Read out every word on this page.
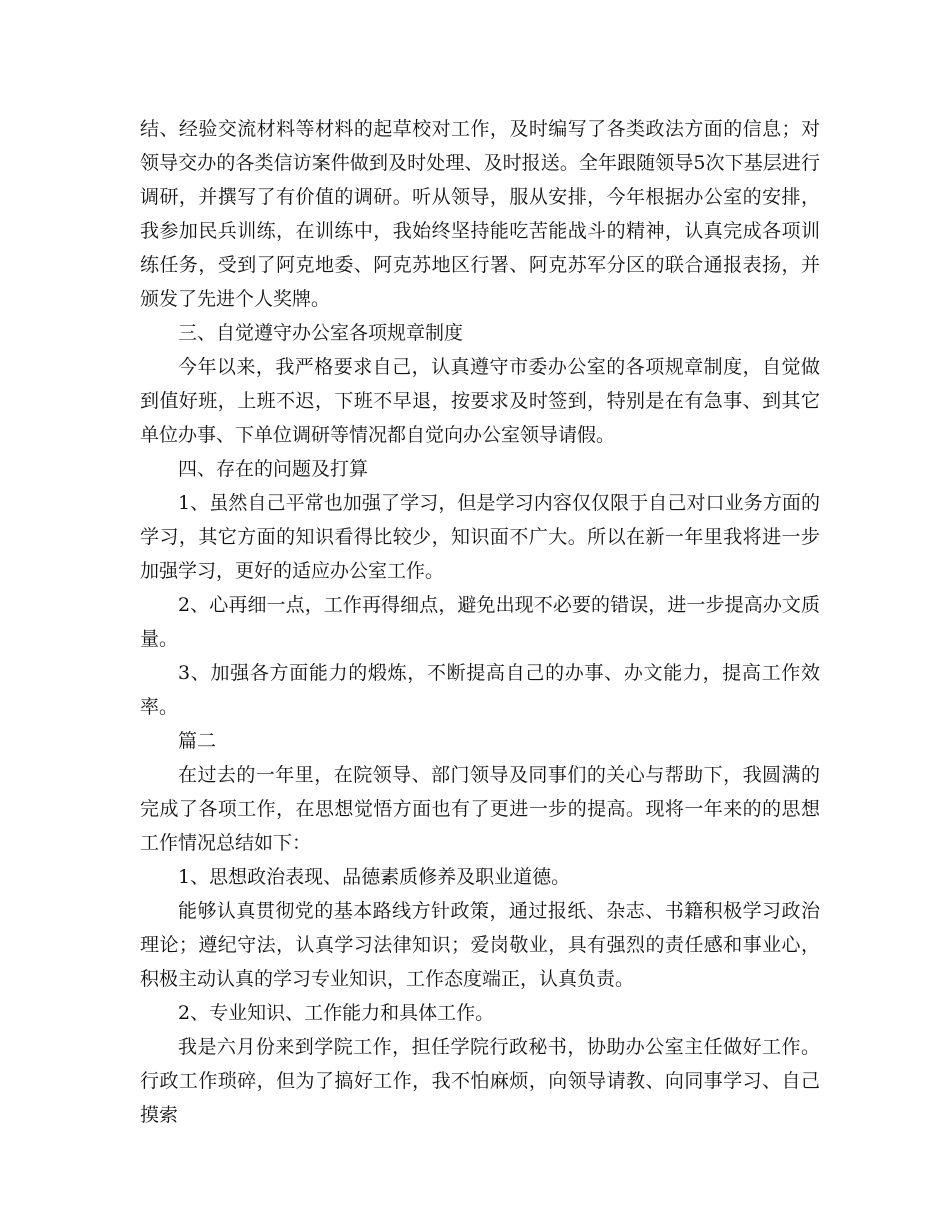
结、经验交流材料等材料的起草校对工作，及时编写了各类政法方面的信息；对领导交办的各类信访案件做到及时处理、及时报送。全年跟随领导5次下基层进行调研，并撰写了有价值的调研。听从领导，服从安排，今年根据办公室的安排，我参加民兵训练，在训练中，我始终坚持能吃苦能战斗的精神，认真完成各项训练任务，受到了阿克地委、阿克苏地区行署、阿克苏军分区的联合通报表扬，并颁发了先进个人奖牌。

三、自觉遵守办公室各项规章制度

今年以来，我严格要求自己，认真遵守市委办公室的各项规章制度，自觉做到值好班，上班不迟，下班不早退，按要求及时签到，特别是在有急事、到其它单位办事、下单位调研等情况都自觉向办公室领导请假。

四、存在的问题及打算

1、虽然自己平常也加强了学习，但是学习内容仅仅限于自己对口业务方面的学习，其它方面的知识看得比较少，知识面不广大。所以在新一年里我将进一步加强学习，更好的适应办公室工作。

2、心再细一点，工作再得细点，避免出现不必要的错误，进一步提高办文质量。

3、加强各方面能力的煅炼，不断提高自己的办事、办文能力，提高工作效率。

篇二

在过去的一年里，在院领导、部门领导及同事们的关心与帮助下，我圆满的完成了各项工作，在思想觉悟方面也有了更进一步的提高。现将一年来的的思想工作情况总结如下：

1、思想政治表现、品德素质修养及职业道德。

能够认真贯彻党的基本路线方针政策，通过报纸、杂志、书籍积极学习政治理论；遵纪守法，认真学习法律知识；爱岗敬业，具有强烈的责任感和事业心，积极主动认真的学习专业知识，工作态度端正，认真负责。

2、专业知识、工作能力和具体工作。

我是六月份来到学院工作，担任学院行政秘书，协助办公室主任做好工作。行政工作琐碎，但为了搞好工作，我不怕麻烦，向领导请教、向同事学习、自己摸索
